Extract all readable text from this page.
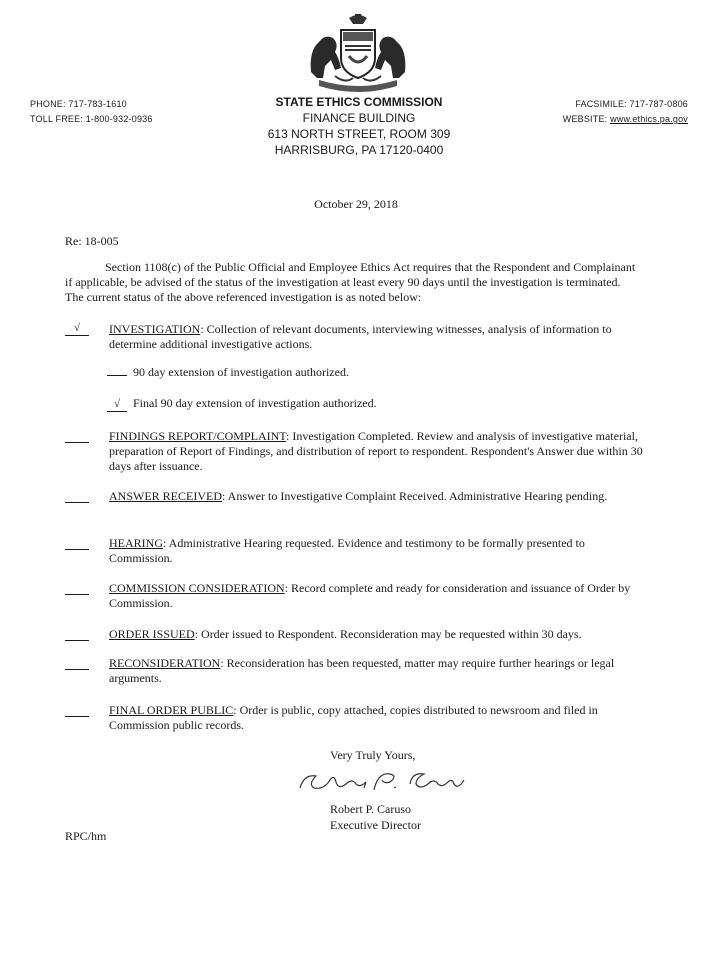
PHONE: 717-783-1610
TOLL FREE: 1-800-932-0936
STATE ETHICS COMMISSION
FINANCE BUILDING
613 NORTH STREET, ROOM 309
HARRISBURG, PA 17120-0400
FACSIMILE: 717-787-0806
WEBSITE: www.ethics.pa.gov
October 29, 2018
Re: 18-005
Section 1108(c) of the Public Official and Employee Ethics Act requires that the Respondent and Complainant if applicable, be advised of the status of the investigation at least every 90 days until the investigation is terminated. The current status of the above referenced investigation is as noted below:
√	INVESTIGATION: Collection of relevant documents, interviewing witnesses, analysis of information to determine additional investigative actions.
90 day extension of investigation authorized.
√ Final 90 day extension of investigation authorized.
FINDINGS REPORT/COMPLAINT: Investigation Completed. Review and analysis of investigative material, preparation of Report of Findings, and distribution of report to respondent. Respondent's Answer due within 30 days after issuance.
ANSWER RECEIVED: Answer to Investigative Complaint Received. Administrative Hearing pending.
HEARING: Administrative Hearing requested. Evidence and testimony to be formally presented to Commission.
COMMISSION CONSIDERATION: Record complete and ready for consideration and issuance of Order by Commission.
ORDER ISSUED: Order issued to Respondent. Reconsideration may be requested within 30 days.
RECONSIDERATION: Reconsideration has been requested, matter may require further hearings or legal arguments.
FINAL ORDER PUBLIC: Order is public, copy attached, copies distributed to newsroom and filed in Commission public records.
Very Truly Yours,
Robert P. Caruso
Executive Director
RPC/hm
